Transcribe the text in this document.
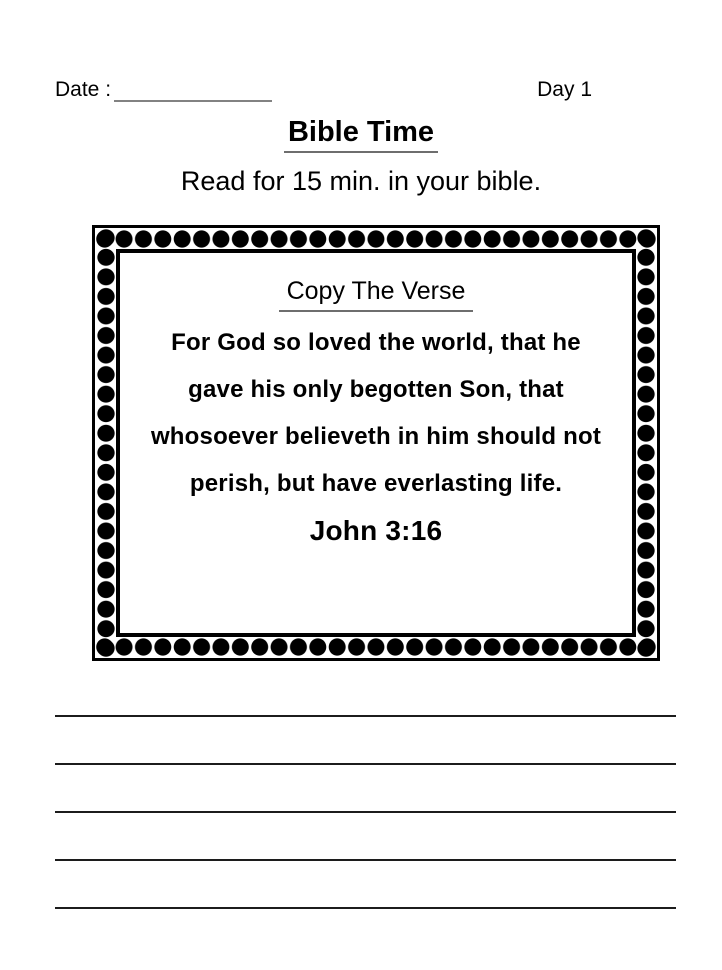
Date :	Day 1
Bible Time
Read for 15 min. in your bible.
Copy The Verse
For God so loved the world, that he
gave his only begotten Son, that
whosoever believeth in him should not
perish, but have everlasting life.
John 3:16
